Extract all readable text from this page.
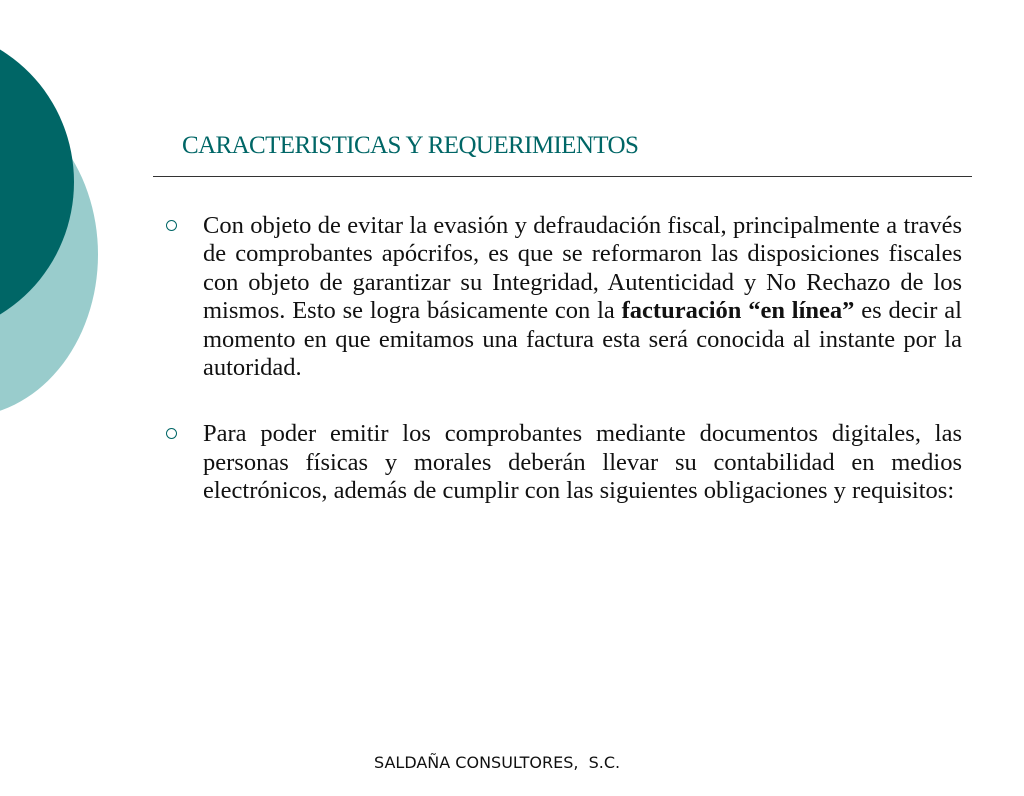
CARACTERISTICAS Y REQUERIMIENTOS
Con objeto de evitar la evasión y defraudación fiscal, principalmente a través de comprobantes apócrifos, es que se reformaron las disposiciones fiscales con objeto de garantizar su Integridad, Autenticidad y No Rechazo de los mismos. Esto se logra básicamente con la facturación “en línea” es decir al momento en que emitamos una factura esta será conocida al instante por la autoridad.
Para poder emitir los comprobantes mediante documentos digitales, las personas físicas y morales deberán llevar su contabilidad en medios electrónicos, además de cumplir con las siguientes obligaciones y requisitos:
SALDAÑA CONSULTORES,  S.C.
